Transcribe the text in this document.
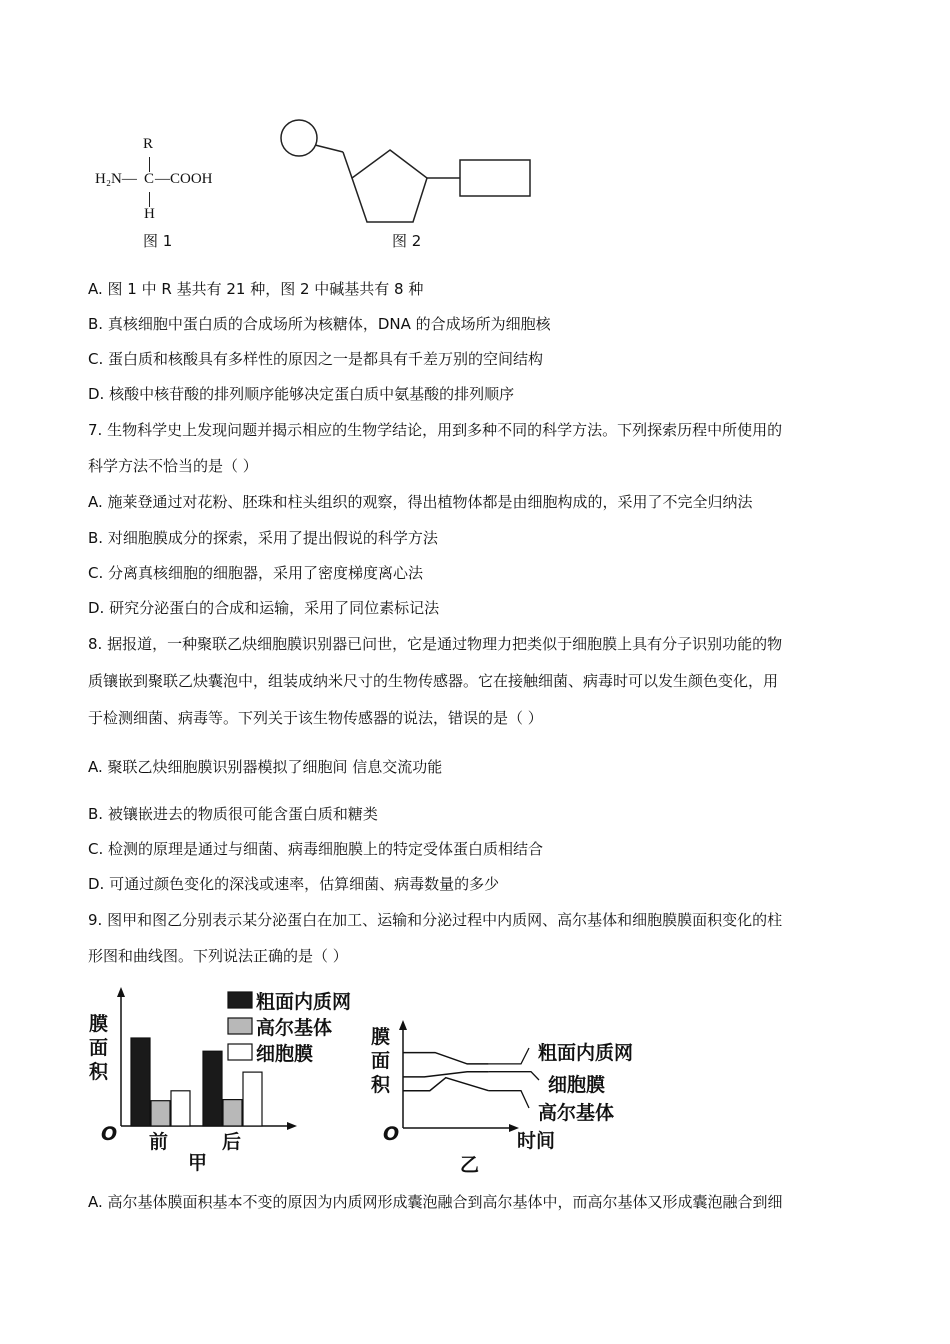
R
H₂N— C —COOH
H
图 1	图 2
A. 图 1 中 R 基共有 21 种，图 2 中碱基共有 8 种
B. 真核细胞中蛋白质的合成场所为核糖体，DNA 的合成场所为细胞核
C. 蛋白质和核酸具有多样性的原因之一是都具有千差万别的空间结构
D. 核酸中核苷酸的排列顺序能够决定蛋白质中氨基酸的排列顺序
7. 生物科学史上发现问题并揭示相应的生物学结论，用到多种不同的科学方法。下列探索历程中所使用的
科学方法不恰当的是（ ）
A. 施莱登通过对花粉、胚珠和柱头组织的观察，得出植物体都是由细胞构成的，采用了不完全归纳法
B. 对细胞膜成分的探索，采用了提出假说的科学方法
C. 分离真核细胞的细胞器，采用了密度梯度离心法
D. 研究分泌蛋白的合成和运输，采用了同位素标记法
8. 据报道，一种聚联乙炔细胞膜识别器已问世，它是通过物理力把类似于细胞膜上具有分子识别功能的物
质镶嵌到聚联乙炔囊泡中，组装成纳米尺寸的生物传感器。它在接触细菌、病毒时可以发生颜色变化，用
于检测细菌、病毒等。下列关于该生物传感器的说法，错误的是（ ）
A. 聚联乙炔细胞膜识别器模拟了细胞间 信息交流功能
B. 被镶嵌进去的物质很可能含蛋白质和糖类
C. 检测的原理是通过与细菌、病毒细胞膜上的特定受体蛋白质相结合
D. 可通过颜色变化的深浅或速率，估算细菌、病毒数量的多少
9. 图甲和图乙分别表示某分泌蛋白在加工、运输和分泌过程中内质网、高尔基体和细胞膜膜面积变化的柱
形图和曲线图。下列说法正确的是（ ）
膜
面
积
O 前	后
甲
粗面内质网
高尔基体
细胞膜
膜
面
积
O	时间
乙
粗面内质网
细胞膜
高尔基体
A. 高尔基体膜面积基本不变的原因为内质网形成囊泡融合到高尔基体中，而高尔基体又形成囊泡融合到细
